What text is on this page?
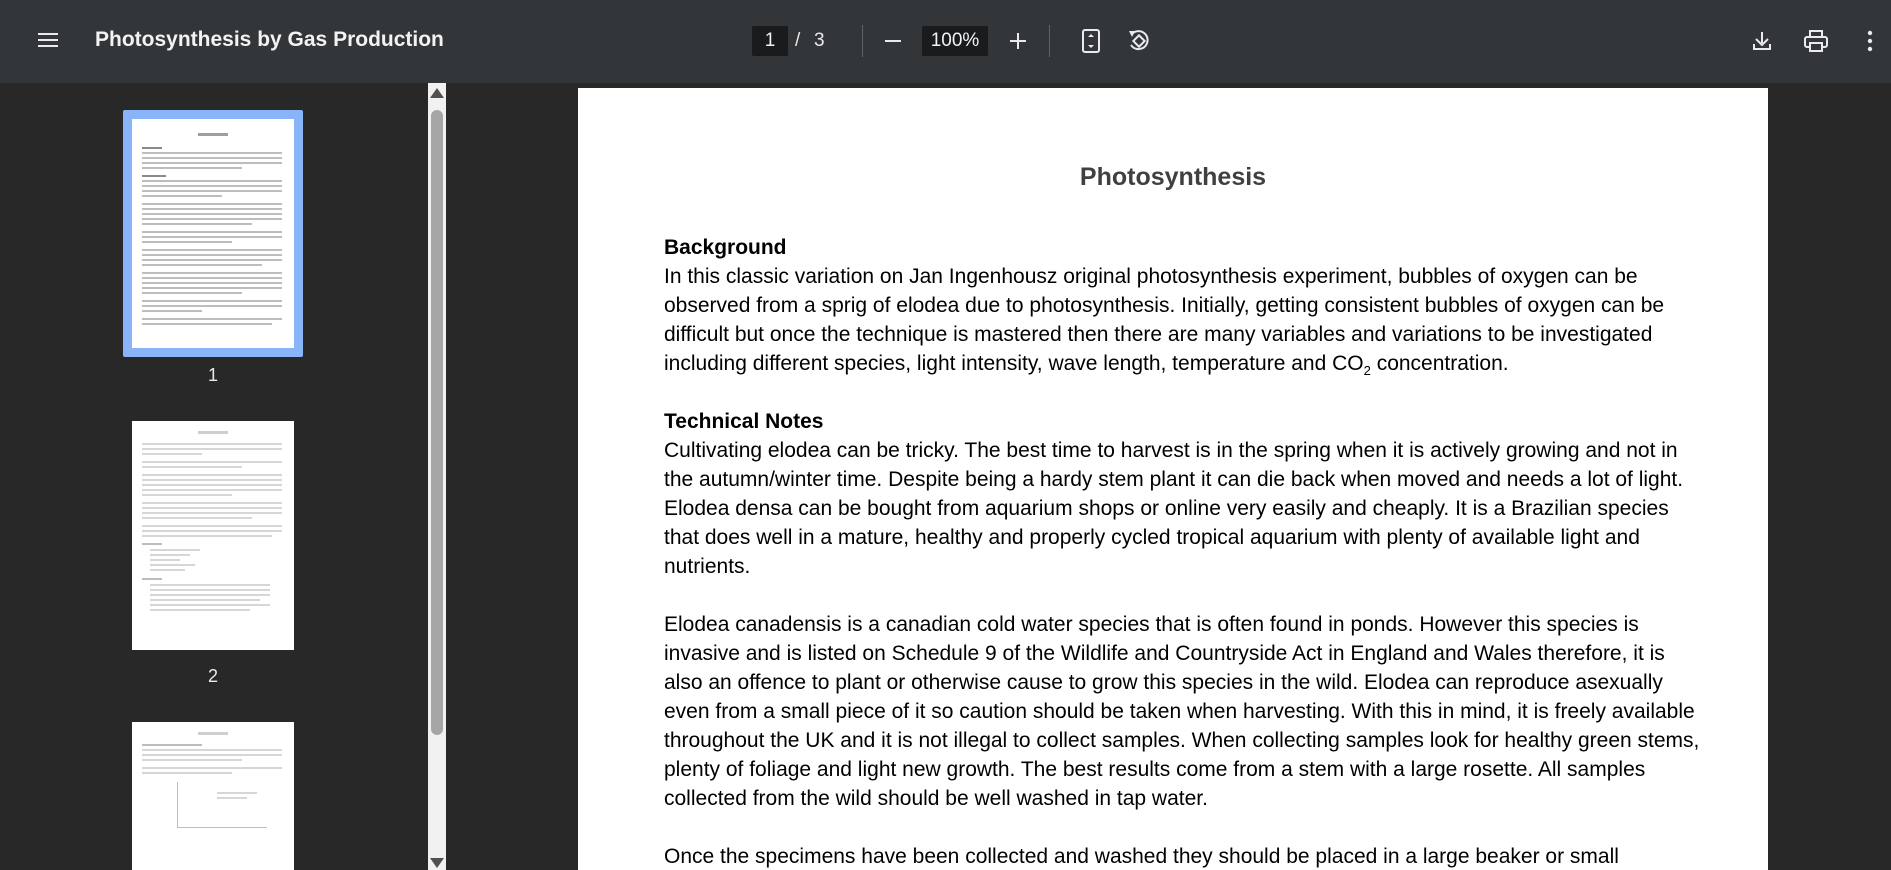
Photosynthesis by Gas Production	1	/ 3	100%
1
2
Photosynthesis
Background
In this classic variation on Jan Ingenhousz original photosynthesis experiment, bubbles of oxygen can be observed from a sprig of elodea due to photosynthesis. Initially, getting consistent bubbles of oxygen can be difficult but once the technique is mastered then there are many variables and variations to be investigated including different species, light intensity, wave length, temperature and $CO_2$ concentration.
Technical Notes
Cultivating elodea can be tricky. The best time to harvest is in the spring when it is actively growing and not in the autumn/winter time. Despite being a hardy stem plant it can die back when moved and needs a lot of light. Elodea densa can be bought from aquarium shops or online very easily and cheaply. It is a Brazilian species that does well in a mature, healthy and properly cycled tropical aquarium with plenty of available light and nutrients.
Elodea canadensis is a canadian cold water species that is often found in ponds. However this species is invasive and is listed on Schedule 9 of the Wildlife and Countryside Act in England and Wales therefore, it is also an offence to plant or otherwise cause to grow this species in the wild. Elodea can reproduce asexually even from a small piece of it so caution should be taken when harvesting. With this in mind, it is freely available throughout the UK and it is not illegal to collect samples. When collecting samples look for healthy green stems, plenty of foliage and light new growth. The best results come from a stem with a large rosette. All samples collected from the wild should be well washed in tap water.
Once the specimens have been collected and washed they should be placed in a large beaker or small
